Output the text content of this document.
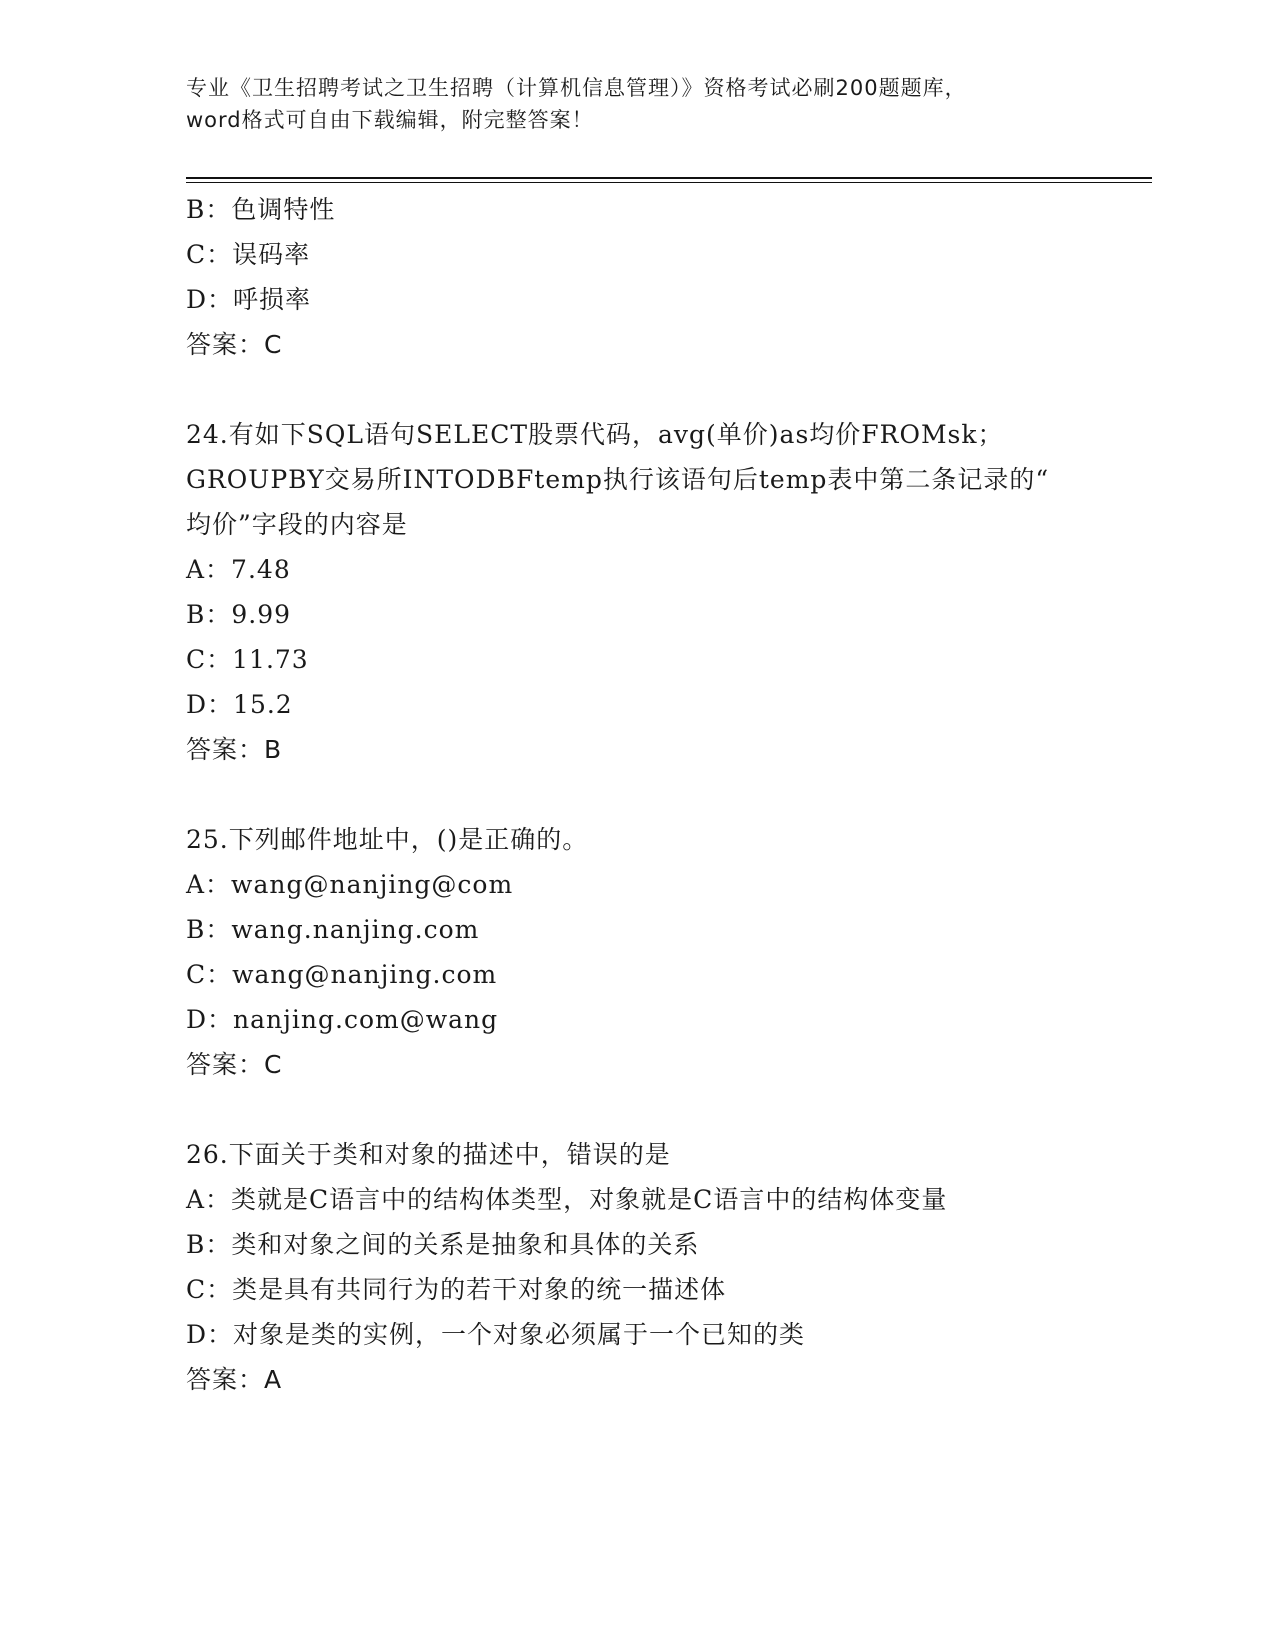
专业《卫生招聘考试之卫生招聘（计算机信息管理）》资格考试必刷200题题库，
word格式可自由下载编辑，附完整答案！
B：色调特性
C：误码率
D：呼损率
答案：C
24.有如下SQL语句SELECT股票代码，avg(单价)as均价FROMsk；
GROUPBY交易所INTODBFtemp执行该语句后temp表中第二条记录的“
均价”字段的内容是
A：7.48
B：9.99
C：11.73
D：15.2
答案：B
25.下列邮件地址中，()是正确的。
A：wang@nanjing@com
B：wang.nanjing.com
C：wang@nanjing.com
D：nanjing.com@wang
答案：C
26.下面关于类和对象的描述中，错误的是
A：类就是C语言中的结构体类型，对象就是C语言中的结构体变量
B：类和对象之间的关系是抽象和具体的关系
C：类是具有共同行为的若干对象的统一描述体
D：对象是类的实例，一个对象必须属于一个已知的类
答案：A
